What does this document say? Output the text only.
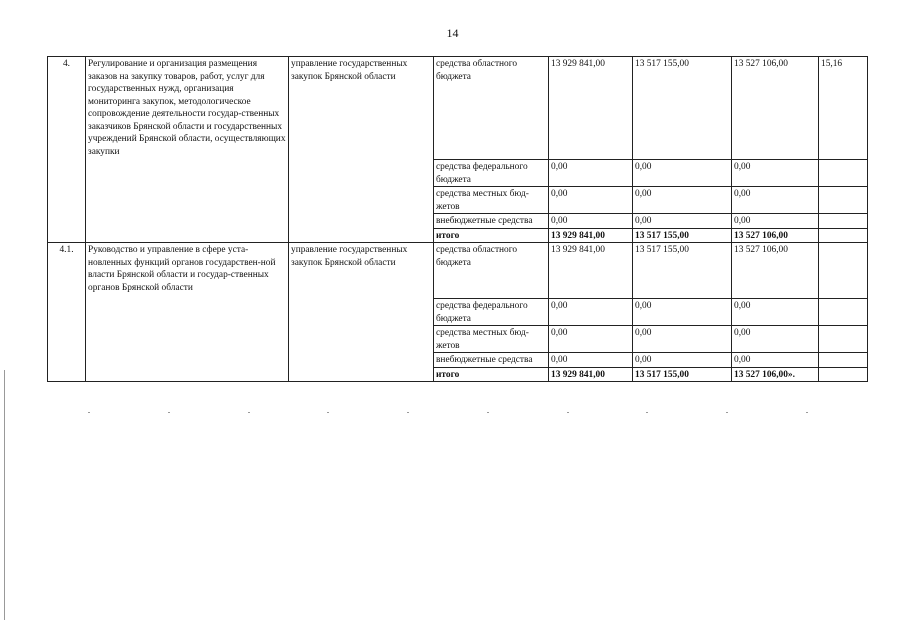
14
4.	Регулирование и организация размещения заказов на закупку товаров, работ, услуг для государственных нужд, организация мониторинга закупок, методологическое сопровождение деятельности государ-ственных заказчиков Брянской области и государственных учреждений Брянской области, осуществляющих закупки	управление государственных закупок Брянской области	средства областного бюджета	13 929 841,00	13 517 155,00	13 527 106,00	15,16
			средства федерального бюджета	0,00	0,00	0,00	
			средства местных бюд-жетов	0,00	0,00	0,00	
			внебюджетные средства	0,00	0,00	0,00	
			итого	13 929 841,00	13 517 155,00	13 527 106,00	
4.1.	Руководство и управление в сфере уста-новленных функций органов государствен-ной власти Брянской области и государ-ственных органов Брянской области	управление государственных закупок Брянской области	средства областного бюджета	13 929 841,00	13 517 155,00	13 527 106,00	
			средства федерального бюджета	0,00	0,00	0,00	
			средства местных бюд-жетов	0,00	0,00	0,00	
			внебюджетные средства	0,00	0,00	0,00	
			итого	13 929 841,00	13 517 155,00	13 527 106,00».	
